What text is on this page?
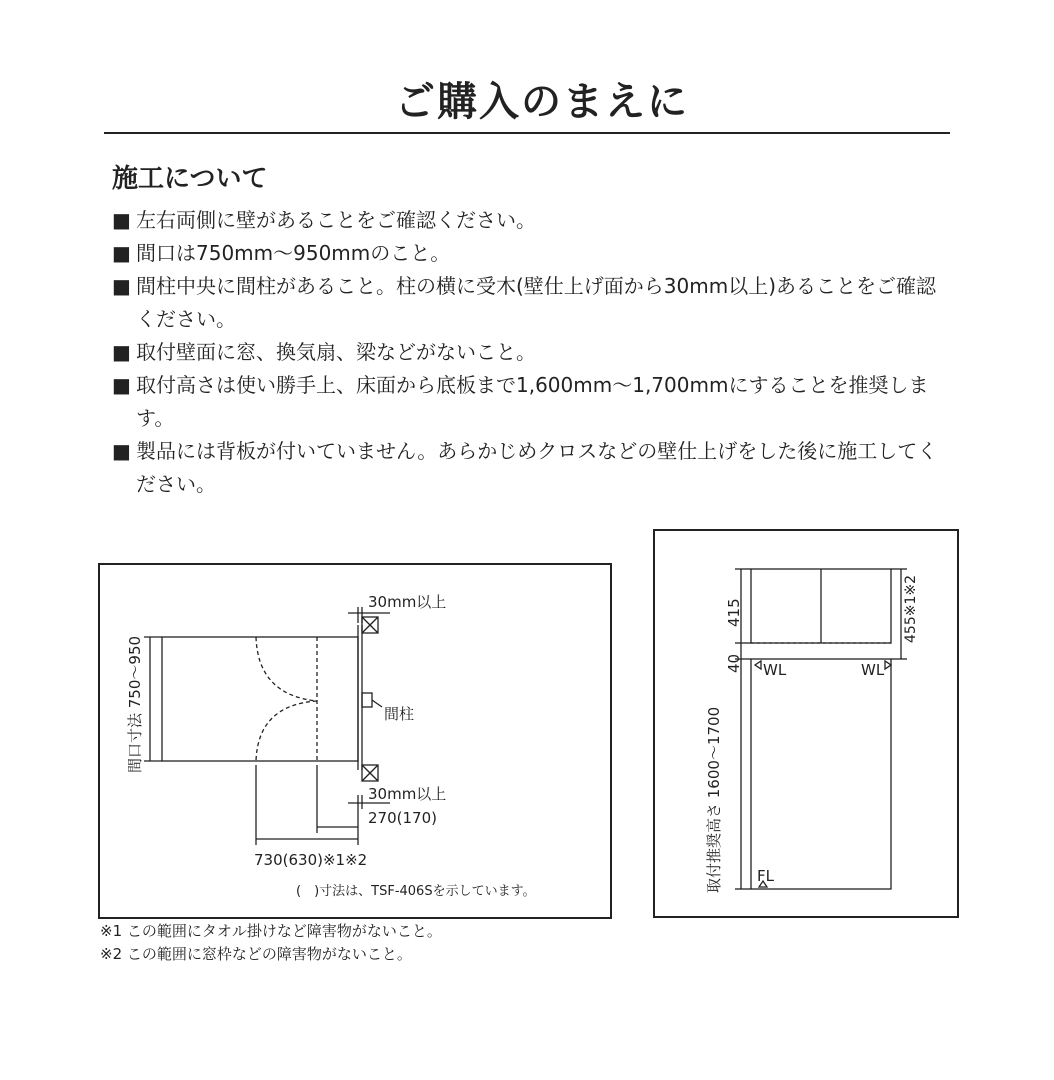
ご購入のまえに
施工について
■ 左右両側に壁があることをご確認ください。
■ 間口は750mm〜950mmのこと。
■ 間柱中央に間柱があること。柱の横に受木(壁仕上げ面から30mm以上)あることをご確認ください。
■ 取付壁面に窓、換気扇、梁などがないこと。
■ 取付高さは使い勝手上、床面から底板まで1,600mm〜1,700mmにすることを推奨します。
■ 製品には背板が付いていません。あらかじめクロスなどの壁仕上げをした後に施工してください。
30mm以上
30mm以上
間柱
270(170)
730(630)※1※2
(　)寸法は、TSF-406Sを示しています。
間口寸法 750〜950
415
40
455※1※2
WL	WL
取付推奨高さ 1600〜1700 FL
※1 この範囲にタオル掛けなど障害物がないこと。
※2 この範囲に窓枠などの障害物がないこと。
